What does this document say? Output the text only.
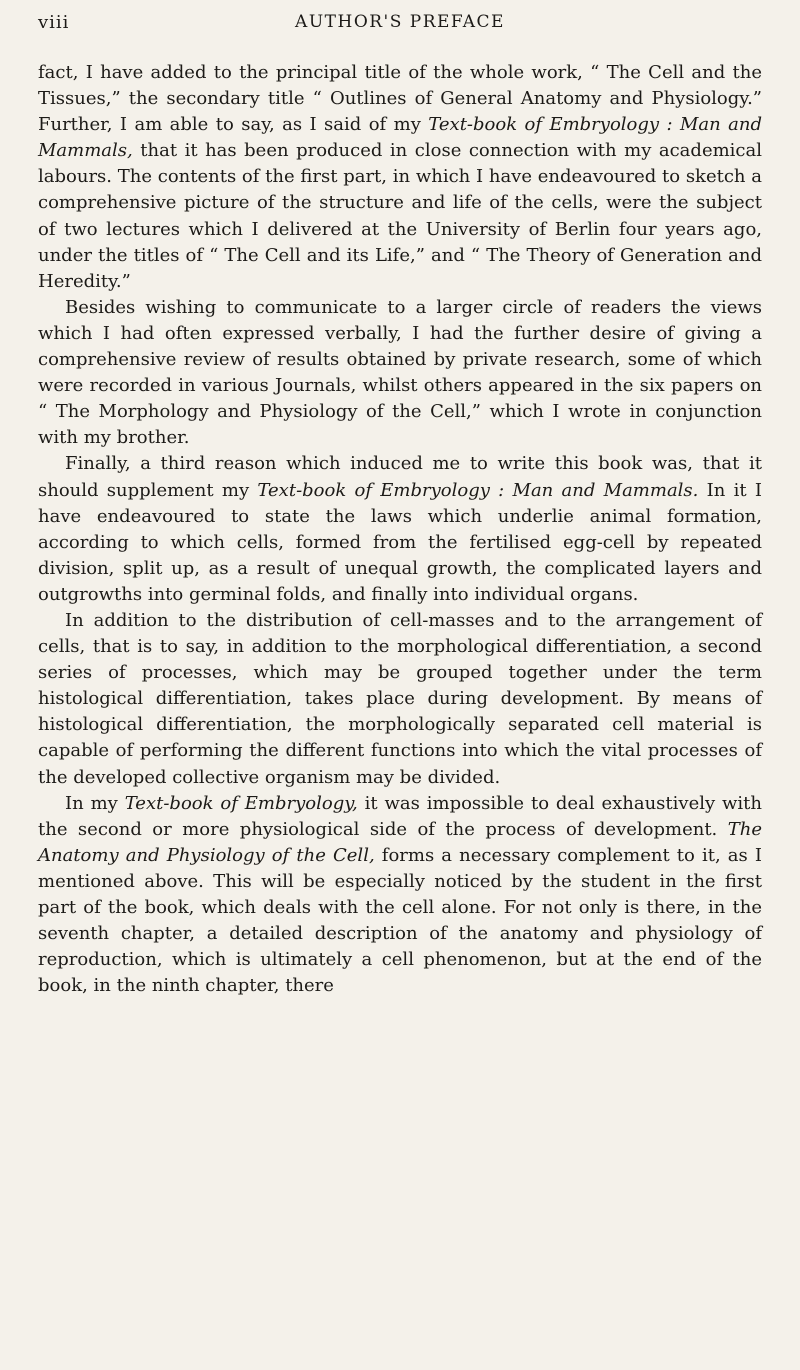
viii	AUTHOR'S PREFACE

fact, I have added to the principal title of the whole work, “ The Cell and the Tissues,” the secondary title “ Outlines of General Anatomy and Physiology.” Further, I am able to say, as I said of my Text-book of Embryology : Man and Mammals, that it has been produced in close connection with my academical labours. The contents of the first part, in which I have endeavoured to sketch a comprehensive picture of the structure and life of the cells, were the subject of two lectures which I delivered at the University of Berlin four years ago, under the titles of “ The Cell and its Life,” and “ The Theory of Generation and Heredity.”

Besides wishing to communicate to a larger circle of readers the views which I had often expressed verbally, I had the further desire of giving a comprehensive review of results obtained by private research, some of which were recorded in various Journals, whilst others appeared in the six papers on “ The Morphology and Physiology of the Cell,” which I wrote in conjunction with my brother.

Finally, a third reason which induced me to write this book was, that it should supplement my Text-book of Embryology : Man and Mammals. In it I have endeavoured to state the laws which underlie animal formation, according to which cells, formed from the fertilised egg-cell by repeated division, split up, as a result of unequal growth, the complicated layers and outgrowths into germinal folds, and finally into individual organs.

In addition to the distribution of cell-masses and to the arrangement of cells, that is to say, in addition to the morphological differentiation, a second series of processes, which may be grouped together under the term histological differentiation, takes place during development. By means of histological differentiation, the morphologically separated cell material is capable of performing the different functions into which the vital processes of the developed collective organism may be divided.

In my Text-book of Embryology, it was impossible to deal exhaustively with the second or more physiological side of the process of development. The Anatomy and Physiology of the Cell, forms a necessary complement to it, as I mentioned above. This will be especially noticed by the student in the first part of the book, which deals with the cell alone. For not only is there, in the seventh chapter, a detailed description of the anatomy and physiology of reproduction, which is ultimately a cell phenomenon, but at the end of the book, in the ninth chapter, there
